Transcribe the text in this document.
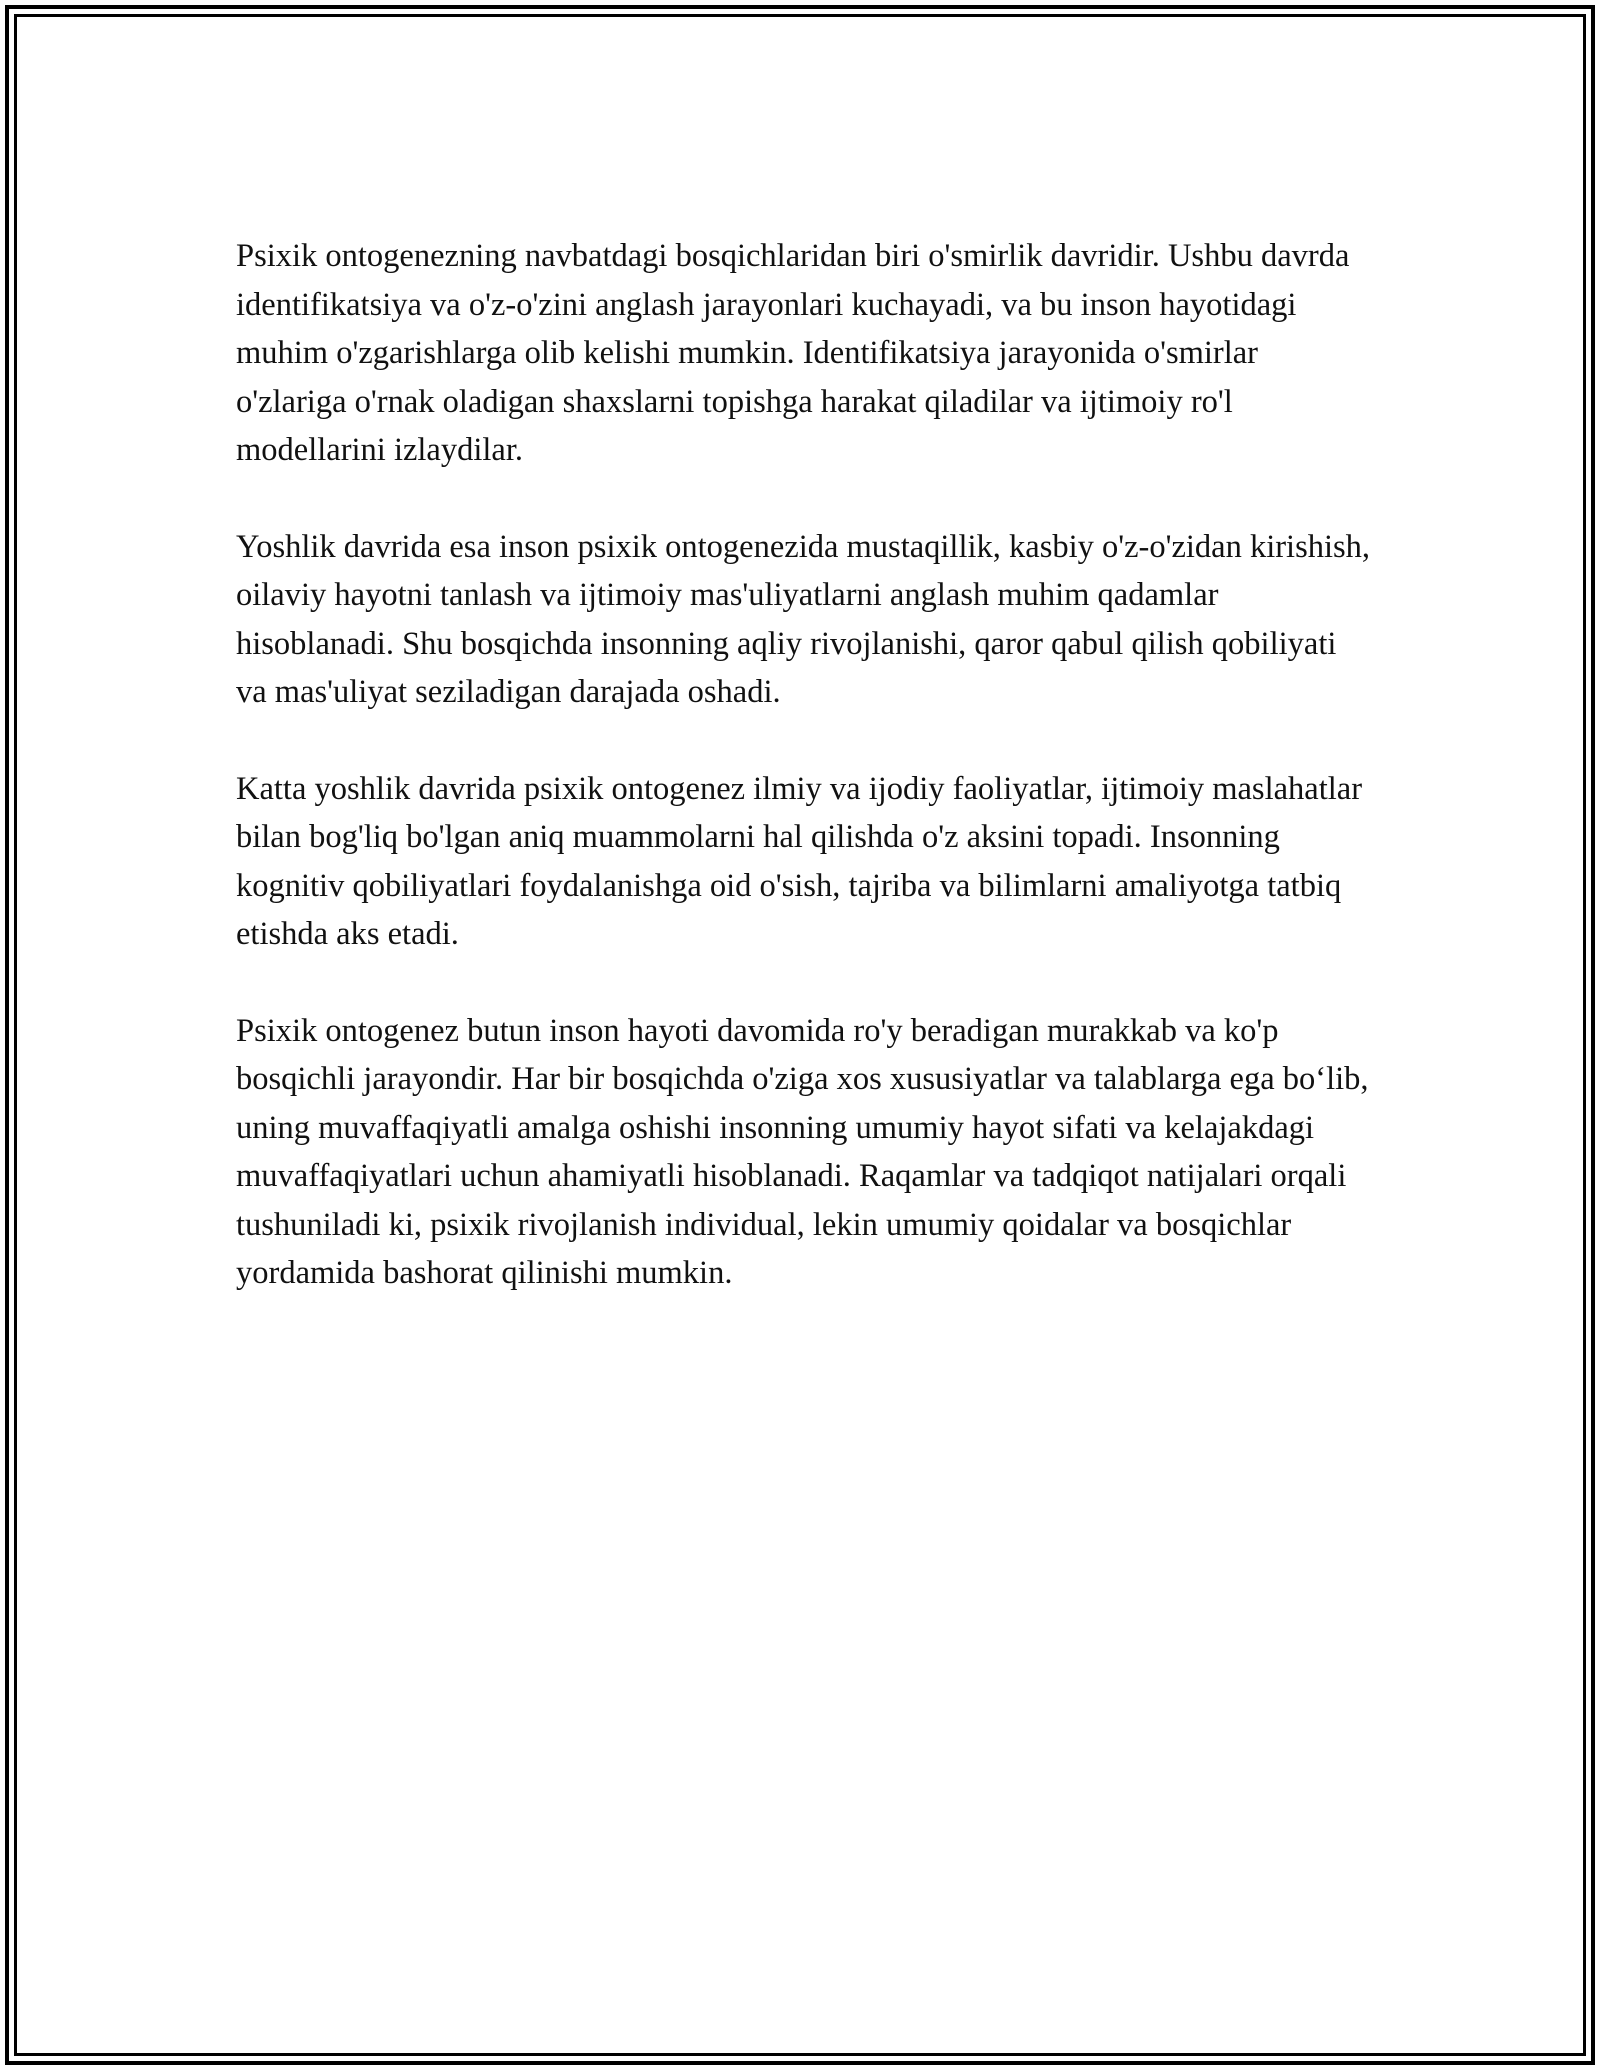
Psixik ontogenezning navbatdagi bosqichlaridan biri o'smirlik davridir. Ushbu davrda identifikatsiya va o'z-o'zini anglash jarayonlari kuchayadi, va bu inson hayotidagi muhim o'zgarishlarga olib kelishi mumkin. Identifikatsiya jarayonida o'smirlar o'zlariga o'rnak oladigan shaxslarni topishga harakat qiladilar va ijtimoiy ro'l modellarini izlaydilar.

Yoshlik davrida esa inson psixik ontogenezida mustaqillik, kasbiy o'z-o'zidan kirishish, oilaviy hayotni tanlash va ijtimoiy mas'uliyatlarni anglash muhim qadamlar hisoblanadi. Shu bosqichda insonning aqliy rivojlanishi, qaror qabul qilish qobiliyati va mas'uliyat seziladigan darajada oshadi.

Katta yoshlik davrida psixik ontogenez ilmiy va ijodiy faoliyatlar, ijtimoiy maslahatlar bilan bog'liq bo'lgan aniq muammolarni hal qilishda o'z aksini topadi. Insonning kognitiv qobiliyatlari foydalanishga oid o'sish, tajriba va bilimlarni amaliyotga tatbiq etishda aks etadi.

Psixik ontogenez butun inson hayoti davomida ro'y beradigan murakkab va ko'p bosqichli jarayondir. Har bir bosqichda o'ziga xos xususiyatlar va talablarga ega bo‘lib, uning muvaffaqiyatli amalga oshishi insonning umumiy hayot sifati va kelajakdagi muvaffaqiyatlari uchun ahamiyatli hisoblanadi. Raqamlar va tadqiqot natijalari orqali tushuniladi ki, psixik rivojlanish individual, lekin umumiy qoidalar va bosqichlar yordamida bashorat qilinishi mumkin.
